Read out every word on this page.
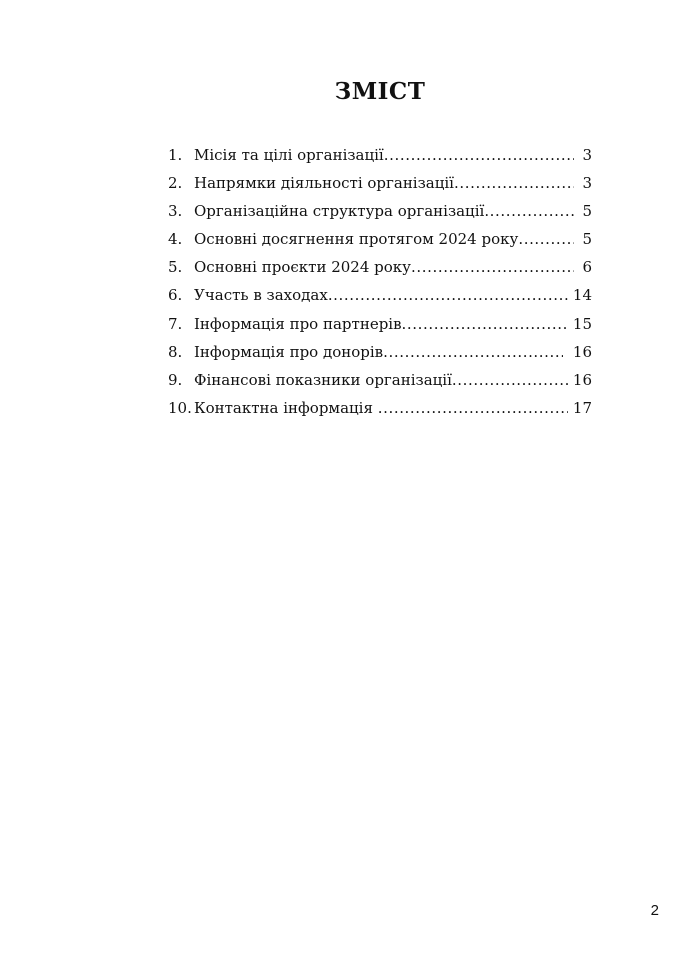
ЗМІСТ
1. Місія та цілі організації .....	3
2. Напрямки діяльності організації .....	3
3. Організаційна структура організації .....	5
4. Основні досягнення протягом 2024 року .....	5
5. Основні проєкти 2024 року .....	6
6. Участь в заходах .....	14
7. Інформація про партнерів .....	15
8. Інформація про донорів .....	16
9. Фінансові показники організації .....	16
10. Контактна інформація .....	17
2
